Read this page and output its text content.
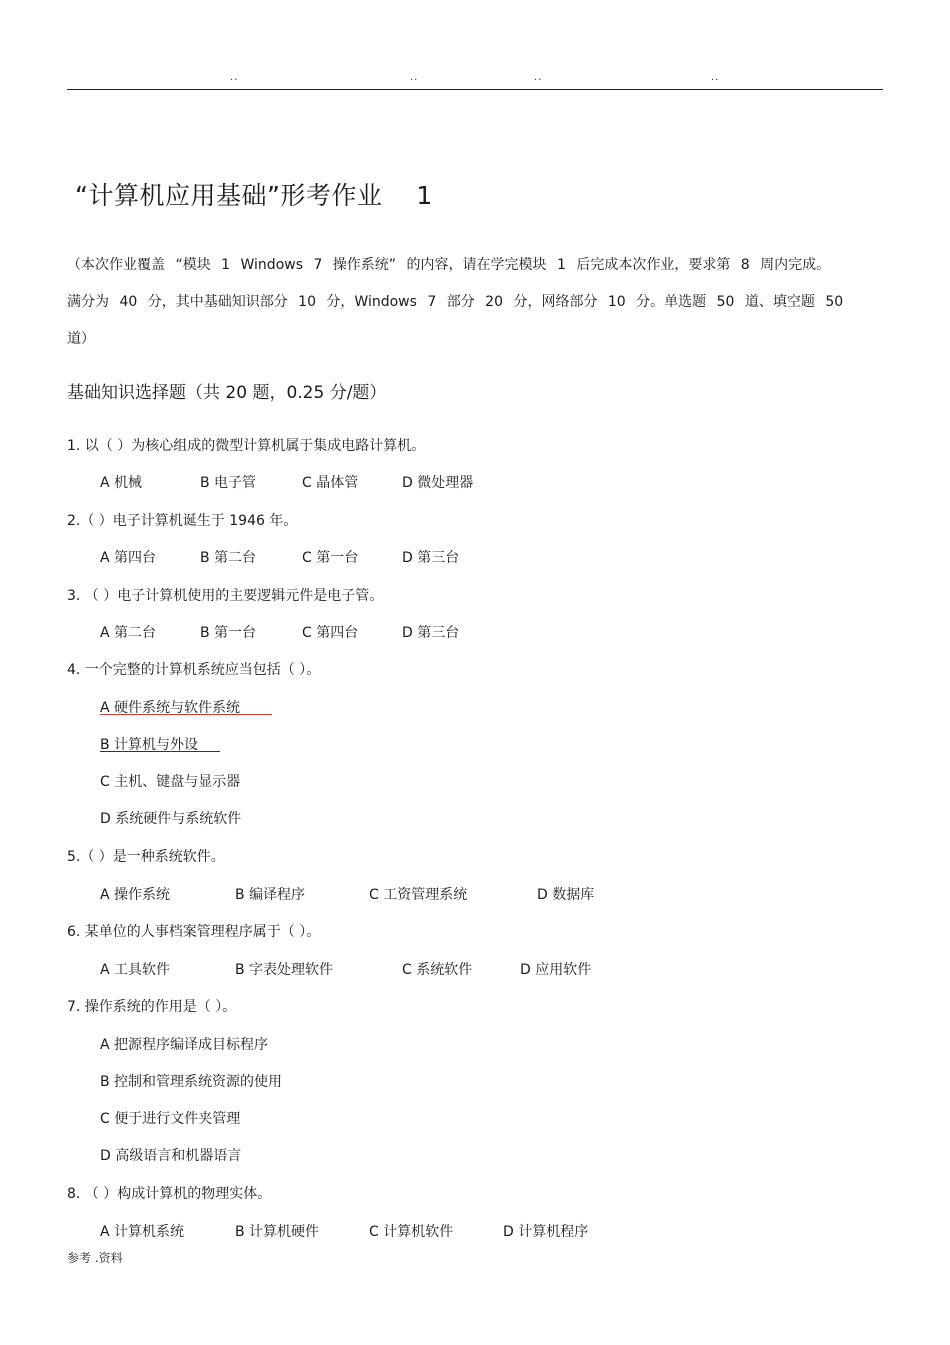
..	..	..	..
“计算机应用基础”形考作业 1
（本次作业覆盖 “模块 1 Windows 7 操作系统” 的内容，请在学完模块 1 后完成本次作业，要求第 8 周内完成。
满分为 40 分，其中基础知识部分 10 分，Windows 7 部分 20 分，网络部分 10 分。单选题 50 道、填空题 50
道）
基础知识选择题（共 20 题，0.25 分/题）
1. 以（ ）为核心组成的微型计算机属于集成电路计算机。
A 机械	B 电子管	C 晶体管	D 微处理器
2.（ ）电子计算机诞生于 1946 年。
A 第四台	B 第二台	C 第一台	D 第三台
3. （ ）电子计算机使用的主要逻辑元件是电子管。
A 第二台	B 第一台	C 第四台	D 第三台
4. 一个完整的计算机系统应当包括（ ）。
A 硬件系统与软件系统
B 计算机与外设
C 主机、键盘与显示器
D 系统硬件与系统软件
5.（ ）是一种系统软件。
A 操作系统	B 编译程序	C 工资管理系统	D 数据库
6. 某单位的人事档案管理程序属于（ ）。
A 工具软件	B 字表处理软件	C 系统软件	D 应用软件
7. 操作系统的作用是（ ）。
A 把源程序编译成目标程序
B 控制和管理系统资源的使用
C 便于进行文件夹管理
D 高级语言和机器语言
8. （ ）构成计算机的物理实体。
A 计算机系统	B 计算机硬件	C 计算机软件	D 计算机程序
参考 .资料
